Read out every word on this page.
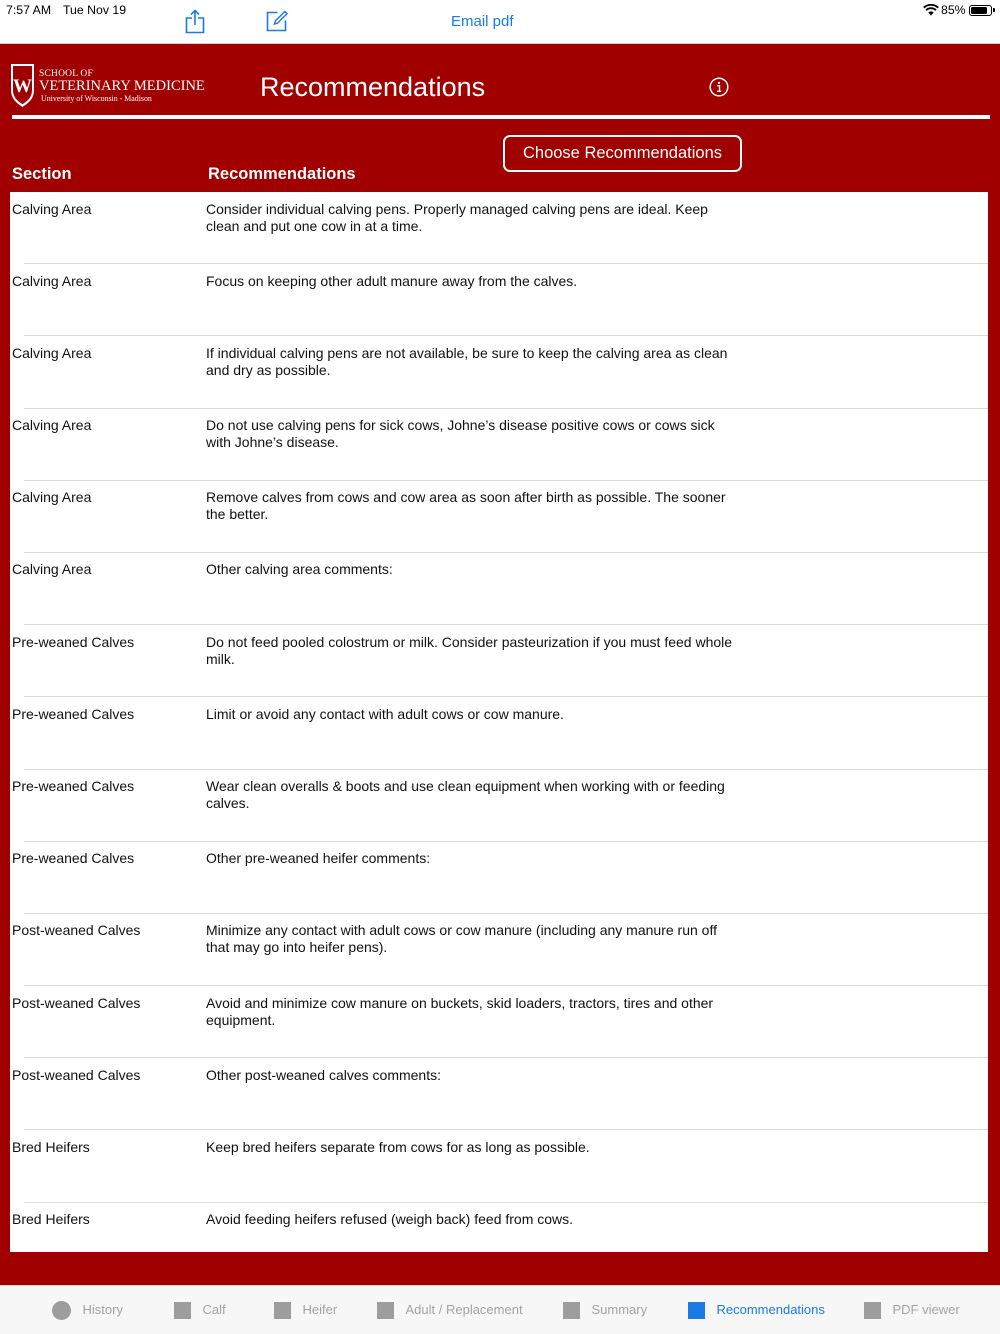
7:57 AM Tue Nov 19	85%
Email pdf
W
SCHOOL OF
VETERINARY MEDICINE
University of Wisconsin - Madison	Recommendations
Choose Recommendations
Section	Recommendations
Calving Area	Consider individual calving pens. Properly managed calving pens are ideal. Keep
clean and put one cow in at a time.
Calving Area	Focus on keeping other adult manure away from the calves.
Calving Area	If individual calving pens are not available, be sure to keep the calving area as clean
and dry as possible.
Calving Area	Do not use calving pens for sick cows, Johne’s disease positive cows or cows sick
with Johne’s disease.
Calving Area	Remove calves from cows and cow area as soon after birth as possible. The sooner
the better.
Calving Area	Other calving area comments:
Pre-weaned Calves	Do not feed pooled colostrum or milk. Consider pasteurization if you must feed whole
milk.
Pre-weaned Calves	Limit or avoid any contact with adult cows or cow manure.
Pre-weaned Calves	Wear clean overalls & boots and use clean equipment when working with or feeding
calves.
Pre-weaned Calves	Other pre-weaned heifer comments:
Post-weaned Calves	Minimize any contact with adult cows or cow manure (including any manure run off
that may go into heifer pens).
Post-weaned Calves	Avoid and minimize cow manure on buckets, skid loaders, tractors, tires and other
equipment.
Post-weaned Calves	Other post-weaned calves comments:
Bred Heifers	Keep bred heifers separate from cows for as long as possible.
Bred Heifers	Avoid feeding heifers refused (weigh back) feed from cows.
History	Calf	Heifer	Adult / Replacement	Summary	Recommendations	PDF viewer
